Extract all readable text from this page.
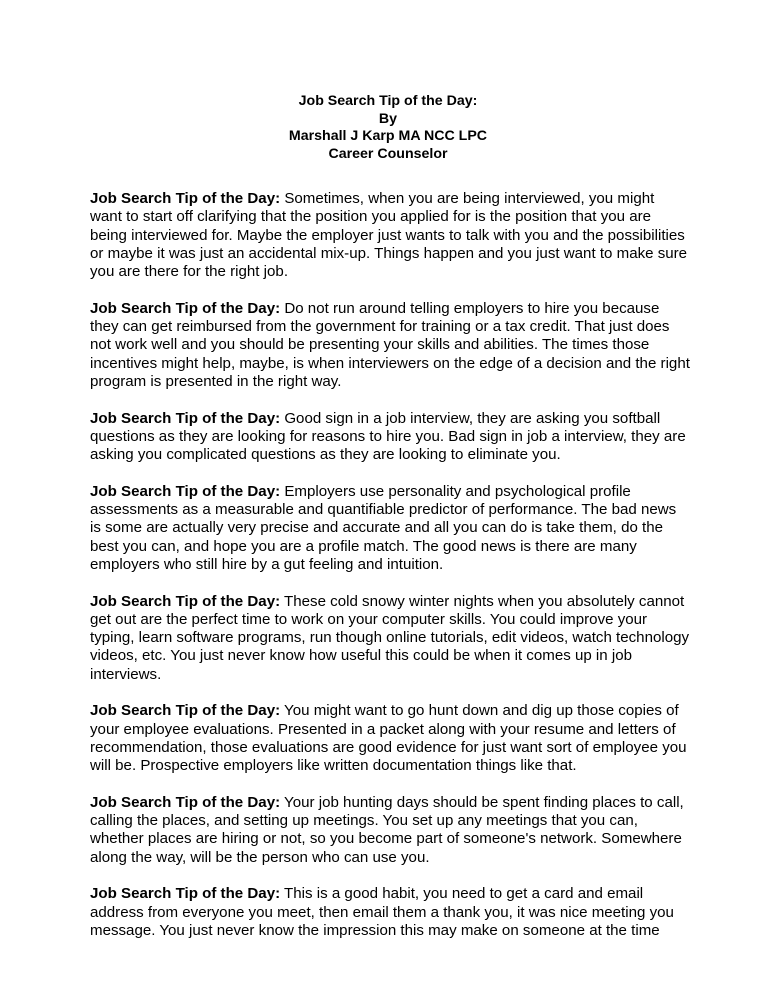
Job Search Tip of the Day:
By
Marshall J Karp MA NCC LPC
Career Counselor

Job Search Tip of the Day: Sometimes, when you are being interviewed, you might want to start off clarifying that the position you applied for is the position that you are being interviewed for. Maybe the employer just wants to talk with you and the possibilities or maybe it was just an accidental mix-up. Things happen and you just want to make sure you are there for the right job.

Job Search Tip of the Day: Do not run around telling employers to hire you because they can get reimbursed from the government for training or a tax credit. That just does not work well and you should be presenting your skills and abilities. The times those incentives might help, maybe, is when interviewers on the edge of a decision and the right program is presented in the right way.

Job Search Tip of the Day: Good sign in a job interview, they are asking you softball questions as they are looking for reasons to hire you. Bad sign in job a interview, they are asking you complicated questions as they are looking to eliminate you.

Job Search Tip of the Day: Employers use personality and psychological profile assessments as a measurable and quantifiable predictor of performance. The bad news is some are actually very precise and accurate and all you can do is take them, do the best you can, and hope you are a profile match. The good news is there are many employers who still hire by a gut feeling and intuition.

Job Search Tip of the Day: These cold snowy winter nights when you absolutely cannot get out are the perfect time to work on your computer skills. You could improve your typing, learn software programs, run though online tutorials, edit videos, watch technology videos, etc. You just never know how useful this could be when it comes up in job interviews.

Job Search Tip of the Day: You might want to go hunt down and dig up those copies of your employee evaluations. Presented in a packet along with your resume and letters of recommendation, those evaluations are good evidence for just want sort of employee you will be. Prospective employers like written documentation things like that.

Job Search Tip of the Day: Your job hunting days should be spent finding places to call, calling the places, and setting up meetings. You set up any meetings that you can, whether places are hiring or not, so you become part of someone's network. Somewhere along the way, will be the person who can use you.

Job Search Tip of the Day: This is a good habit, you need to get a card and email address from everyone you meet, then email them a thank you, it was nice meeting you message. You just never know the impression this may make on someone at the time
